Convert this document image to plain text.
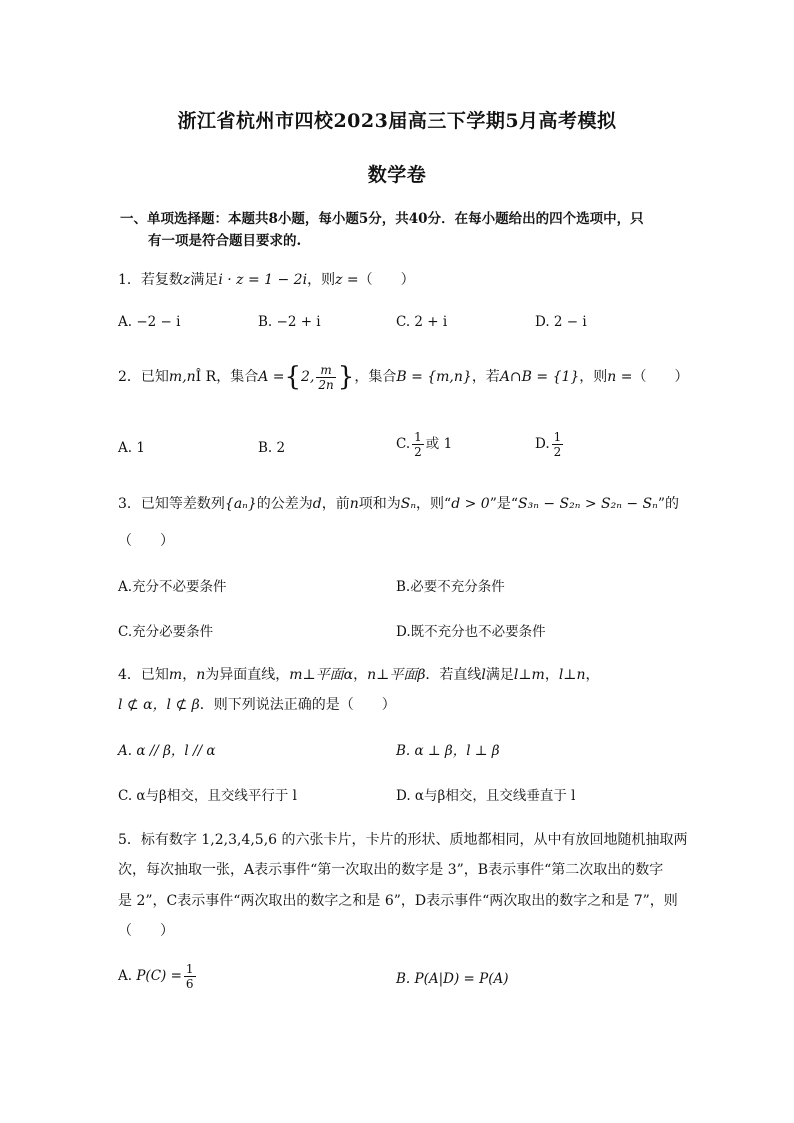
浙江省杭州市四校2023届高三下学期5月高考模拟
数学卷
一、单项选择题：本题共8小题，每小题5分，共40分．在每小题给出的四个选项中，只
有一项是符合题目要求的.
1．若复数z满足i · z = 1 − 2i，则z =（　　）
A. −2 − i	B. −2 + i	C. 2 + i	D. 2 − i
2．已知m,nÎ R，集合A ={2, $\frac{m}{2n}$ }，集合B = {m,n}，若A∩B = {1}，则n =（　　）
A. 1	B. 2	C. $\frac{1}{2}$ 或 1	D. $\frac{1}{2}$
3．已知等差数列{aₙ}的公差为d，前n项和为Sₙ，则“d > 0”是“S₃ₙ − S₂ₙ > S₂ₙ − Sₙ”的
（　　）
A.充分不必要条件	B.必要不充分条件
C.充分必要条件	D.既不充分也不必要条件
4．已知m，n为异面直线，m⊥平面α，n⊥平面β．若直线l满足l⊥m，l⊥n，
l ⊄ α，l ⊄ β．则下列说法正确的是（　　）
A. α // β，l // α	B. α ⊥ β，l ⊥ β
C. α与β相交，且交线平行于 l	D. α与β相交，且交线垂直于 l
5．标有数字 1,2,3,4,5,6 的六张卡片，卡片的形状、质地都相同，从中有放回地随机抽取两
次，每次抽取一张，A表示事件“第一次取出的数字是 3”，B表示事件“第二次取出的数字
是 2”，C表示事件“两次取出的数字之和是 6”，D表示事件“两次取出的数字之和是 7”，则
（　　）
A. $P(C) = \frac{1}{6}$	B. P(A|D) = P(A)
